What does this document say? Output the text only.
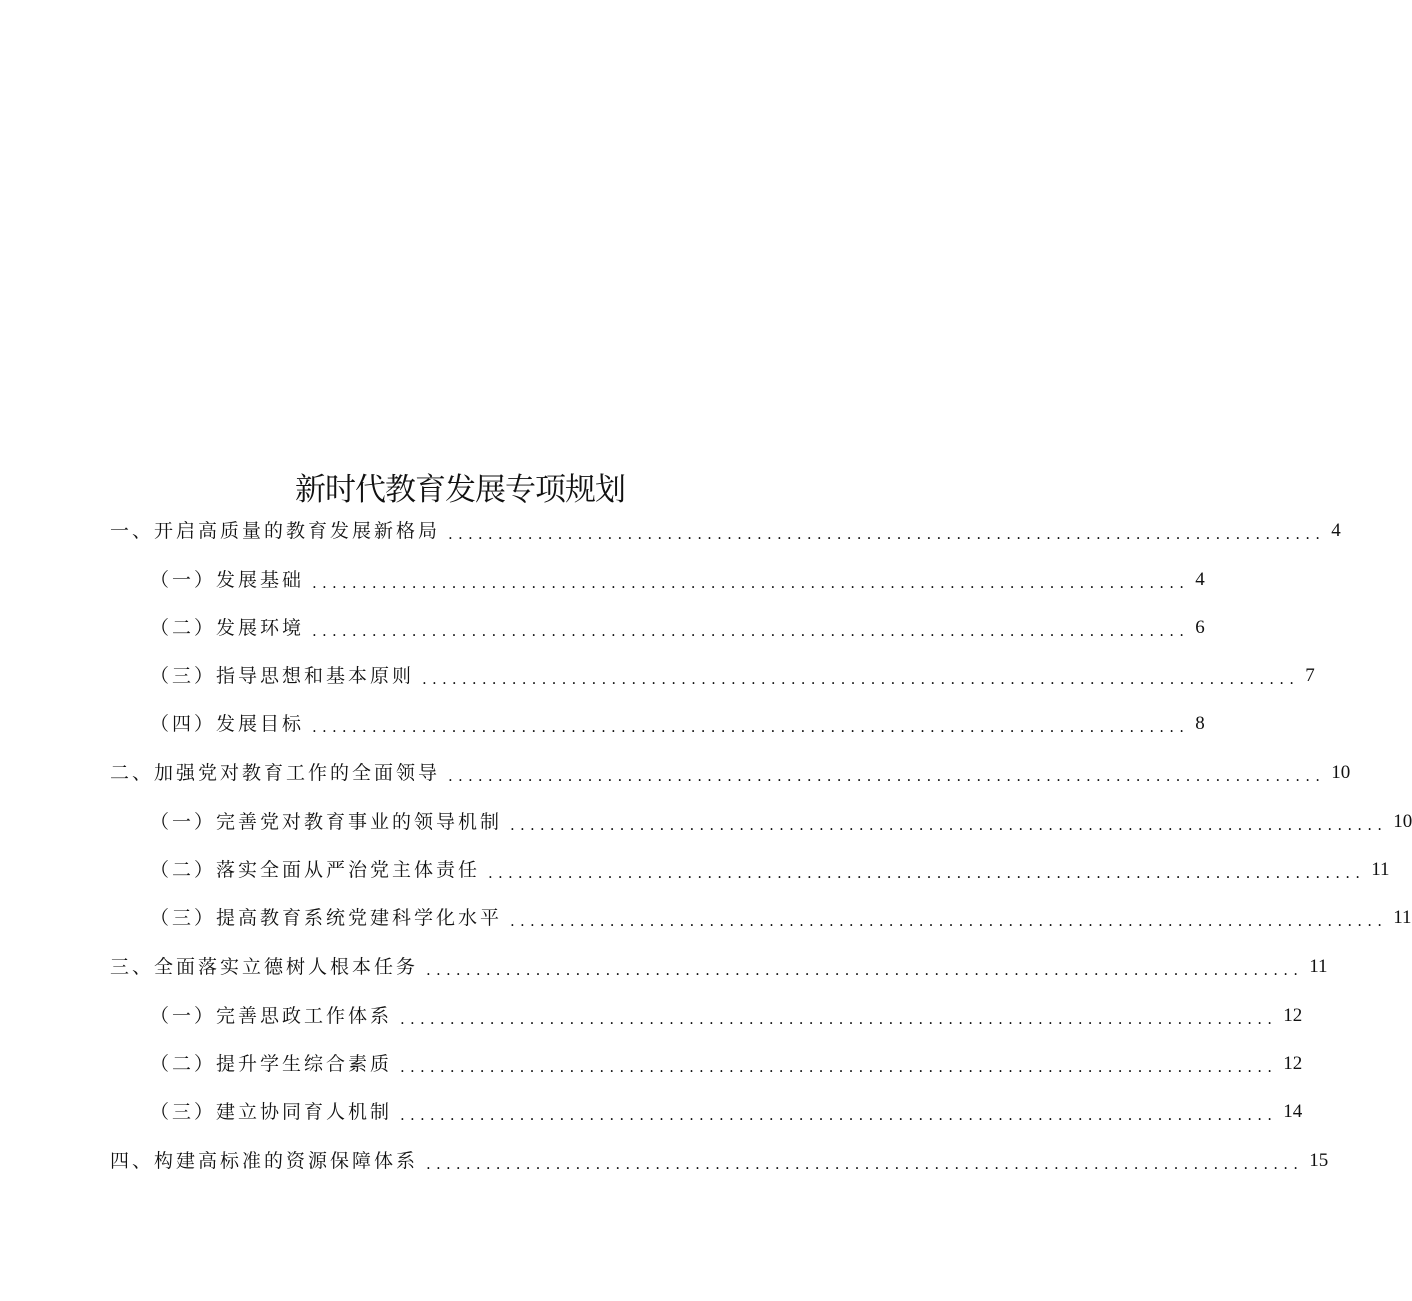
新时代教育发展专项规划
一、开启高质量的教育发展新格局 ........................................................................................ 4
（一）发展基础 ........................................................................................ 4
（二）发展环境 ........................................................................................ 6
（三）指导思想和基本原则 ........................................................................................ 7
（四）发展目标 ........................................................................................ 8
二、加强党对教育工作的全面领导 ........................................................................................ 10
（一）完善党对教育事业的领导机制 ........................................................................................ 10
（二）落实全面从严治党主体责任 ........................................................................................ 11
（三）提高教育系统党建科学化水平 ........................................................................................ 11
三、全面落实立德树人根本任务 ........................................................................................ 11
（一）完善思政工作体系 ........................................................................................ 12
（二）提升学生综合素质 ........................................................................................ 12
（三）建立协同育人机制 ........................................................................................ 14
四、构建高标准的资源保障体系 ........................................................................................ 15
